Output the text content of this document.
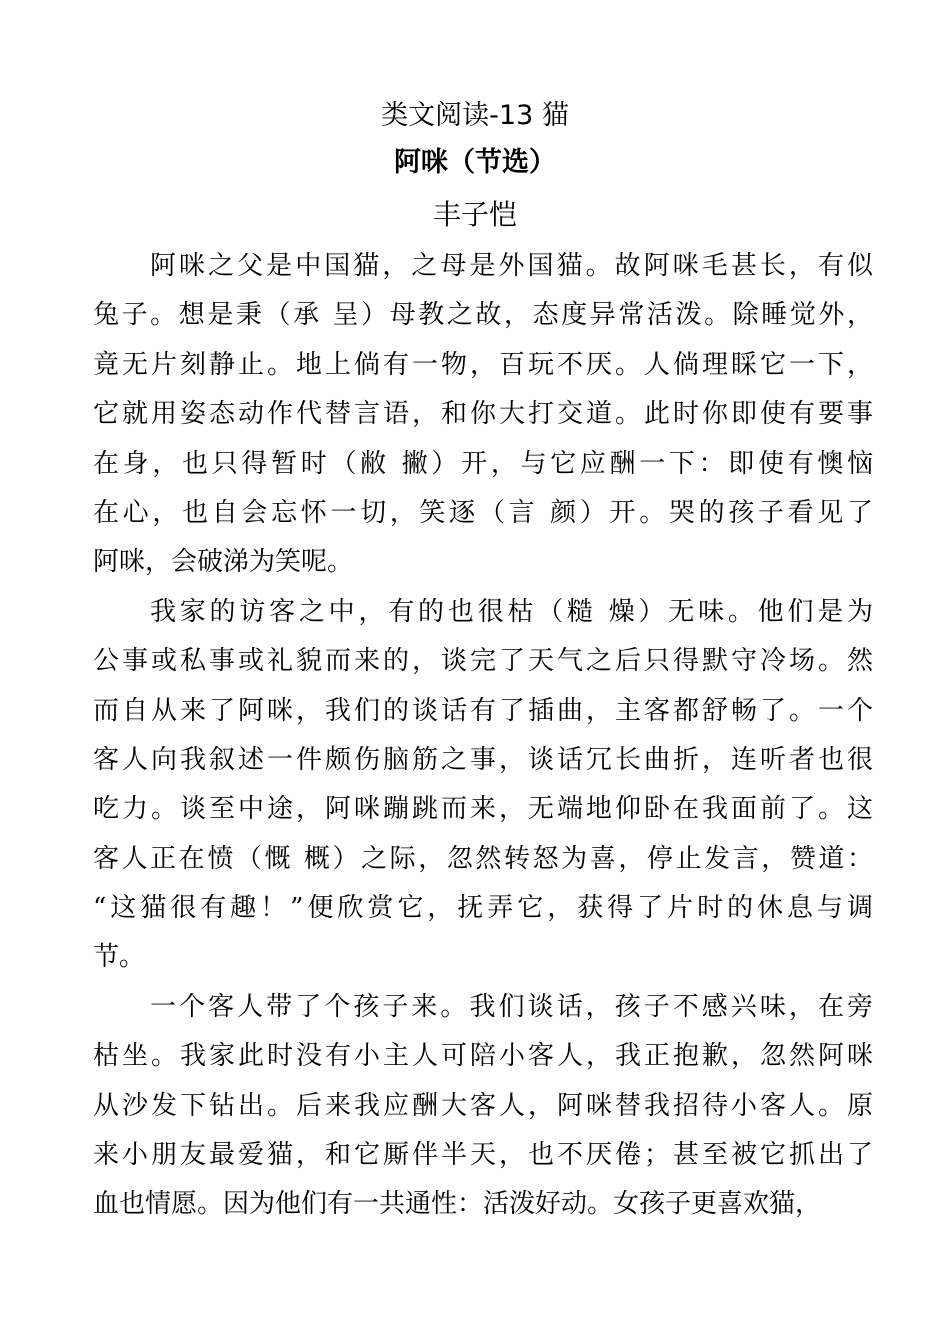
类文阅读-13 猫
阿咪（节选）
丰子恺
阿咪之父是中国猫，之母是外国猫。故阿咪毛甚长，有似
兔子。想是秉（承 呈）母教之故，态度异常活泼。除睡觉外，
竟无片刻静止。地上倘有一物，百玩不厌。人倘理睬它一下，
它就用姿态动作代替言语，和你大打交道。此时你即使有要事
在身，也只得暂时（敝 撇）开，与它应酬一下：即使有懊恼
在心，也自会忘怀一切，笑逐（言 颜）开。哭的孩子看见了
阿咪，会破涕为笑呢。
我家的访客之中，有的也很枯（糙 燥）无味。他们是为
公事或私事或礼貌而来的，谈完了天气之后只得默守冷场。然
而自从来了阿咪，我们的谈话有了插曲，主客都舒畅了。一个
客人向我叙述一件颇伤脑筋之事，谈话冗长曲折，连听者也很
吃力。谈至中途，阿咪蹦跳而来，无端地仰卧在我面前了。这
客人正在愤（慨 概）之际，忽然转怒为喜，停止发言，赞道：
“这猫很有趣！”便欣赏它，抚弄它，获得了片时的休息与调
节。
一个客人带了个孩子来。我们谈话，孩子不感兴味，在旁
枯坐。我家此时没有小主人可陪小客人，我正抱歉，忽然阿咪
从沙发下钻出。后来我应酬大客人，阿咪替我招待小客人。原
来小朋友最爱猫，和它厮伴半天，也不厌倦；甚至被它抓出了
血也情愿。因为他们有一共通性：活泼好动。女孩子更喜欢猫，
